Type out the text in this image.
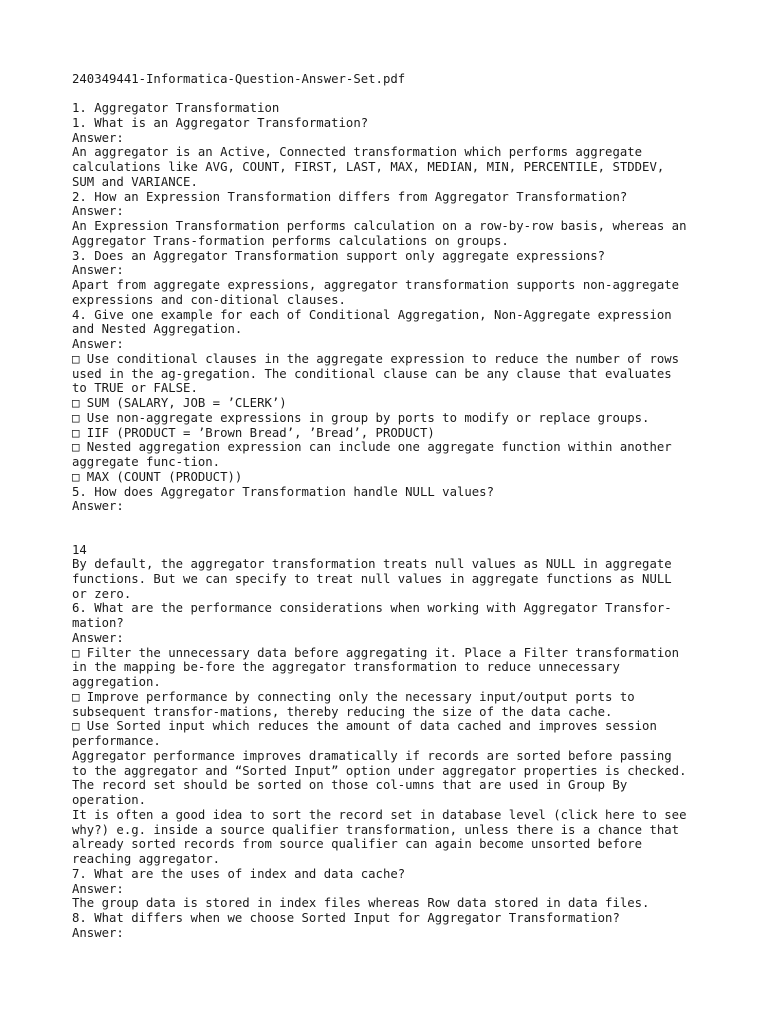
240349441-Informatica-Question-Answer-Set.pdf
1. Aggregator Transformation
1. What is an Aggregator Transformation?
Answer:
An aggregator is an Active, Connected transformation which performs aggregate
calculations like AVG, COUNT, FIRST, LAST, MAX, MEDIAN, MIN, PERCENTILE, STDDEV,
SUM and VARIANCE.
2. How an Expression Transformation differs from Aggregator Transformation?
Answer:
An Expression Transformation performs calculation on a row-by-row basis, whereas an
Aggregator Trans-formation performs calculations on groups.
3. Does an Aggregator Transformation support only aggregate expressions?
Answer:
Apart from aggregate expressions, aggregator transformation supports non-aggregate
expressions and con-ditional clauses.
4. Give one example for each of Conditional Aggregation, Non-Aggregate expression
and Nested Aggregation.
Answer:
□ Use conditional clauses in the aggregate expression to reduce the number of rows
used in the ag-gregation. The conditional clause can be any clause that evaluates
to TRUE or FALSE.
□ SUM (SALARY, JOB = ’CLERK’)
□ Use non-aggregate expressions in group by ports to modify or replace groups.
□ IIF (PRODUCT = ’Brown Bread’, ’Bread’, PRODUCT)
□ Nested aggregation expression can include one aggregate function within another
aggregate func-tion.
□ MAX (COUNT (PRODUCT))
5. How does Aggregator Transformation handle NULL values?
Answer:
14
By default, the aggregator transformation treats null values as NULL in aggregate
functions. But we can specify to treat null values in aggregate functions as NULL
or zero.
6. What are the performance considerations when working with Aggregator Transfor-
mation?
Answer:
□ Filter the unnecessary data before aggregating it. Place a Filter transformation
in the mapping be-fore the aggregator transformation to reduce unnecessary
aggregation.
□ Improve performance by connecting only the necessary input/output ports to
subsequent transfor-mations, thereby reducing the size of the data cache.
□ Use Sorted input which reduces the amount of data cached and improves session
performance.
Aggregator performance improves dramatically if records are sorted before passing
to the aggregator and “Sorted Input” option under aggregator properties is checked.
The record set should be sorted on those col-umns that are used in Group By
operation.
It is often a good idea to sort the record set in database level (click here to see
why?) e.g. inside a source qualifier transformation, unless there is a chance that
already sorted records from source qualifier can again become unsorted before
reaching aggregator.
7. What are the uses of index and data cache?
Answer:
The group data is stored in index files whereas Row data stored in data files.
8. What differs when we choose Sorted Input for Aggregator Transformation?
Answer:
